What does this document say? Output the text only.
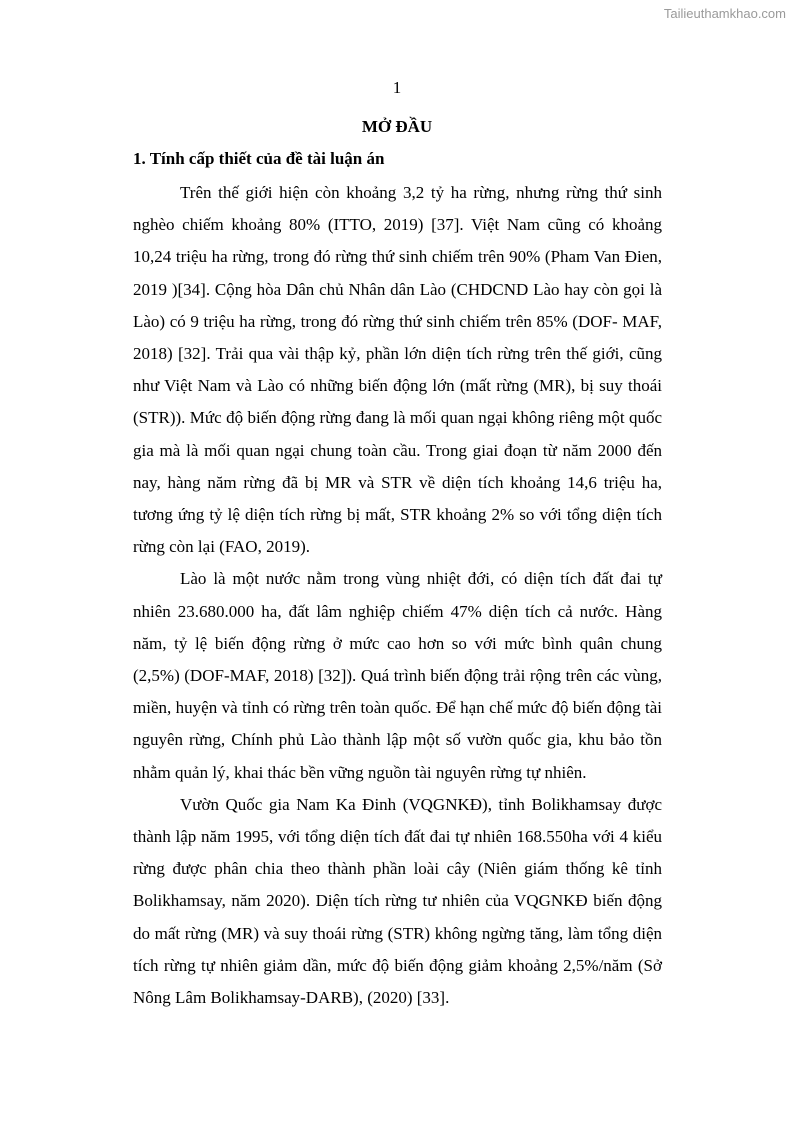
Tailieuthamkhao.com
1
MỞ ĐẦU
1. Tính cấp thiết của đề tài luận án

Trên thế giới hiện còn khoảng 3,2 tỷ ha rừng, nhưng rừng thứ sinh nghèo chiếm khoảng 80% (ITTO, 2019) [37]. Việt Nam cũng có khoảng 10,24 triệu ha rừng, trong đó rừng thứ sinh chiếm trên 90% (Pham Van Đien, 2019 )[34]. Cộng hòa Dân chủ Nhân dân Lào (CHDCND Lào hay còn gọi là Lào) có 9 triệu ha rừng, trong đó rừng thứ sinh chiếm trên 85% (DOF- MAF, 2018) [32]. Trải qua vài thập kỷ, phần lớn diện tích rừng trên thế giới, cũng như Việt Nam và Lào có những biến động lớn (mất rừng (MR), bị suy thoái (STR)). Mức độ biến động rừng đang là mối quan ngại không riêng một quốc gia mà là mối quan ngại chung toàn cầu. Trong giai đoạn từ năm 2000 đến nay, hàng năm rừng đã bị MR và STR về diện tích khoảng 14,6 triệu ha, tương ứng tỷ lệ diện tích rừng bị mất, STR khoảng 2% so với tổng diện tích rừng còn lại (FAO, 2019).

Lào là một nước nằm trong vùng nhiệt đới, có diện tích đất đai tự nhiên 23.680.000 ha, đất lâm nghiệp chiếm 47% diện tích cả nước. Hàng năm, tỷ lệ biến động rừng ở mức cao hơn so với mức bình quân chung (2,5%) (DOF-MAF, 2018) [32]). Quá trình biến động trải rộng trên các vùng, miền, huyện và tỉnh có rừng trên toàn quốc. Để hạn chế mức độ biến động tài nguyên rừng, Chính phủ Lào thành lập một số vườn quốc gia, khu bảo tồn nhằm quản lý, khai thác bền vững nguồn tài nguyên rừng tự nhiên.

Vườn Quốc gia Nam Ka Đinh (VQGNKĐ), tỉnh Bolikhamsay được thành lập năm 1995, với tổng diện tích đất đai tự nhiên 168.550ha với 4 kiểu rừng được phân chia theo thành phần loài cây (Niên giám thống kê tỉnh Bolikhamsay, năm 2020). Diện tích rừng tư nhiên của VQGNKĐ biến động do mất rừng (MR) và suy thoái rừng (STR) không ngừng tăng, làm tổng diện tích rừng tự nhiên giảm dần, mức độ biến động giảm khoảng 2,5%/năm (Sở Nông Lâm Bolikhamsay-DARB), (2020) [33].
